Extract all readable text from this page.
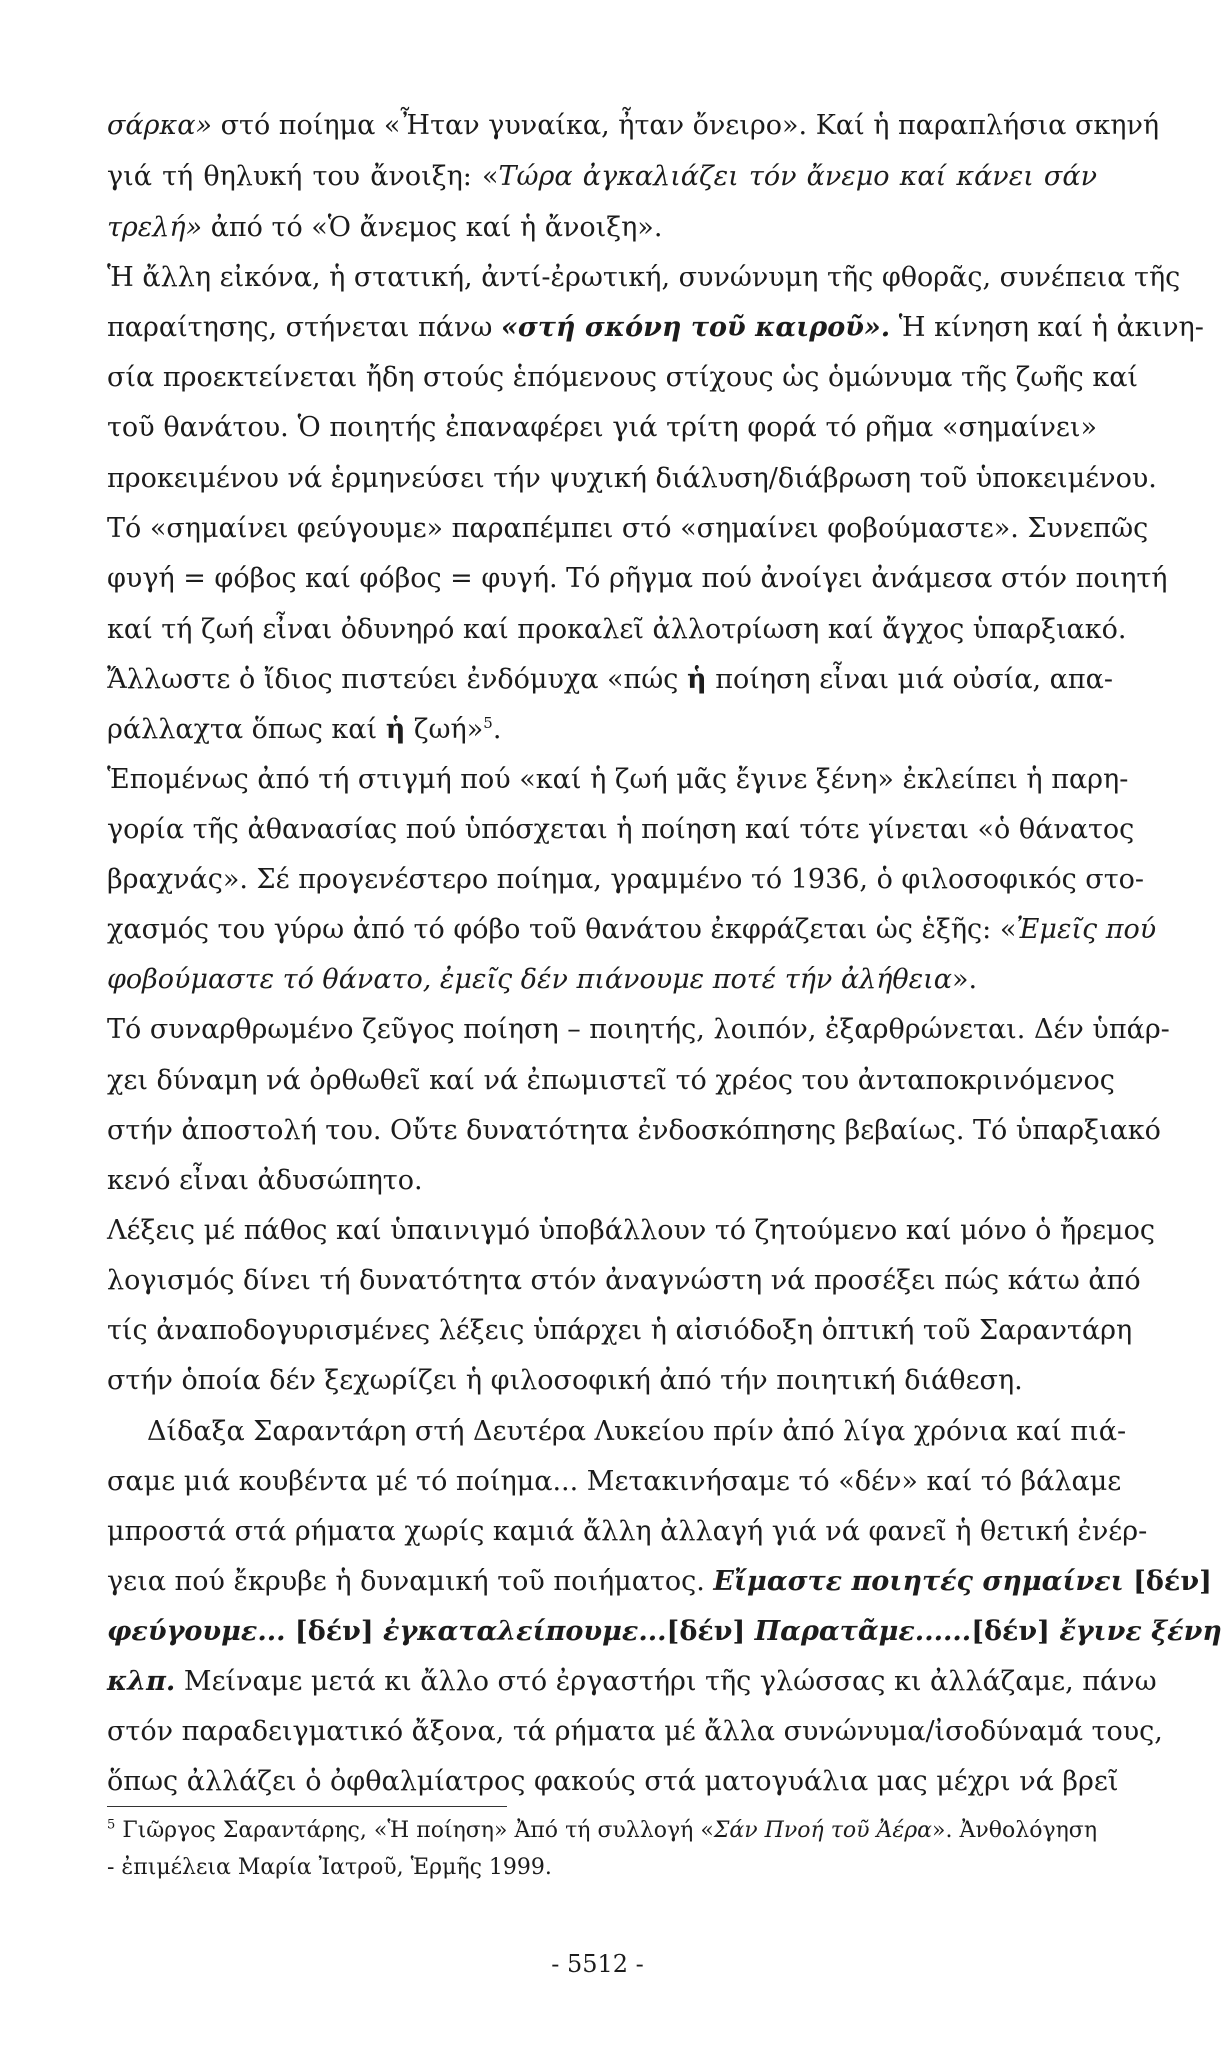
σάρκα» στό ποίημα «Ἦταν γυναίκα, ἦταν ὄνειρο». Καί ἡ παραπλήσια σκηνή
γιά τή θηλυκή του ἄνοιξη: «Τώρα ἀγκαλιάζει τόν ἄνεμο καί κάνει σάν
τρελή» ἀπό τό «Ὁ ἄνεμος καί ἡ ἄνοιξη».
Ἡ ἄλλη εἰκόνα, ἡ στατική, ἀντί-ἐρωτική, συνώνυμη τῆς φθορᾶς, συνέπεια τῆς
παραίτησης, στήνεται πάνω «στή σκόνη τοῦ καιροῦ». Ἡ κίνηση καί ἡ ἀκινη-
σία προεκτείνεται ἤδη στούς ἑπόμενους στίχους ὡς ὁμώνυμα τῆς ζωῆς καί
τοῦ θανάτου. Ὁ ποιητής ἐπαναφέρει γιά τρίτη φορά τό ρῆμα «σημαίνει»
προκειμένου νά ἑρμηνεύσει τήν ψυχική διάλυση/διάβρωση τοῦ ὑποκειμένου.
Τό «σημαίνει φεύγουμε» παραπέμπει στό «σημαίνει φοβούμαστε». Συνεπῶς
φυγή = φόβος καί φόβος = φυγή. Τό ρῆγμα πού ἀνοίγει ἀνάμεσα στόν ποιητή
καί τή ζωή εἶναι ὀδυνηρό καί προκαλεῖ ἀλλοτρίωση καί ἄγχος ὑπαρξιακό.
Ἄλλωστε ὁ ἴδιος πιστεύει ἐνδόμυχα «πώς ἡ ποίηση εἶναι μιά οὐσία, απα-
ράλλαχτα ὅπως καί ἡ ζωή»$^5$.
Ἑπομένως ἀπό τή στιγμή πού «καί ἡ ζωή μᾶς ἔγινε ξένη» ἐκλείπει ἡ παρη-
γορία τῆς ἀθανασίας πού ὑπόσχεται ἡ ποίηση καί τότε γίνεται «ὁ θάνατος
βραχνάς». Σέ προγενέστερο ποίημα, γραμμένο τό 1936, ὁ φιλοσοφικός στο-
χασμός του γύρω ἀπό τό φόβο τοῦ θανάτου ἐκφράζεται ὡς ἑξῆς: «Ἐμεῖς πού
φοβούμαστε τό θάνατο, ἐμεῖς δέν πιάνουμε ποτέ τήν ἀλήθεια».
Τό συναρθρωμένο ζεῦγος ποίηση – ποιητής, λοιπόν, ἐξαρθρώνεται. Δέν ὑπάρ-
χει δύναμη νά ὀρθωθεῖ καί νά ἐπωμιστεῖ τό χρέος του ἀνταποκρινόμενος
στήν ἀποστολή του. Οὔτε δυνατότητα ἐνδοσκόπησης βεβαίως. Τό ὑπαρξιακό
κενό εἶναι ἀδυσώπητο.
Λέξεις μέ πάθος καί ὑπαινιγμό ὑποβάλλουν τό ζητούμενο καί μόνο ὁ ἤρεμος
λογισμός δίνει τή δυνατότητα στόν ἀναγνώστη νά προσέξει πώς κάτω ἀπό
τίς ἀναποδογυρισμένες λέξεις ὑπάρχει ἡ αἰσιόδοξη ὀπτική τοῦ Σαραντάρη
στήν ὁποία δέν ξεχωρίζει ἡ φιλοσοφική ἀπό τήν ποιητική διάθεση.
Δίδαξα Σαραντάρη στή Δευτέρα Λυκείου πρίν ἀπό λίγα χρόνια καί πιά-
σαμε μιά κουβέντα μέ τό ποίημα... Μετακινήσαμε τό «δέν» καί τό βάλαμε
μπροστά στά ρήματα χωρίς καμιά ἄλλη ἀλλαγή γιά νά φανεῖ ἡ θετική ἐνέρ-
γεια πού ἔκρυβε ἡ δυναμική τοῦ ποιήματος. Εἴμαστε ποιητές σημαίνει [δέν]
φεύγουμε... [δέν] ἐγκαταλείπουμε...[δέν] Παρατᾶμε......[δέν] ἔγινε ξένη
κλπ. Μείναμε μετά κι ἄλλο στό ἐργαστήρι τῆς γλώσσας κι ἀλλάζαμε, πάνω
στόν παραδειγματικό ἄξονα, τά ρήματα μέ ἄλλα συνώνυμα/ἰσοδύναμά τους,
ὅπως ἀλλάζει ὁ ὀφθαλμίατρος φακούς στά ματογυάλια μας μέχρι νά βρεῖ
$^5$ Γιῶργος Σαραντάρης, «Ἡ ποίηση» Ἀπό τή συλλογή «Σάν Πνοή τοῦ Ἀέρα». Ἀνθολόγηση
- ἐπιμέλεια Μαρία Ἰατροῦ, Ἑρμῆς 1999.
- 5512 -
